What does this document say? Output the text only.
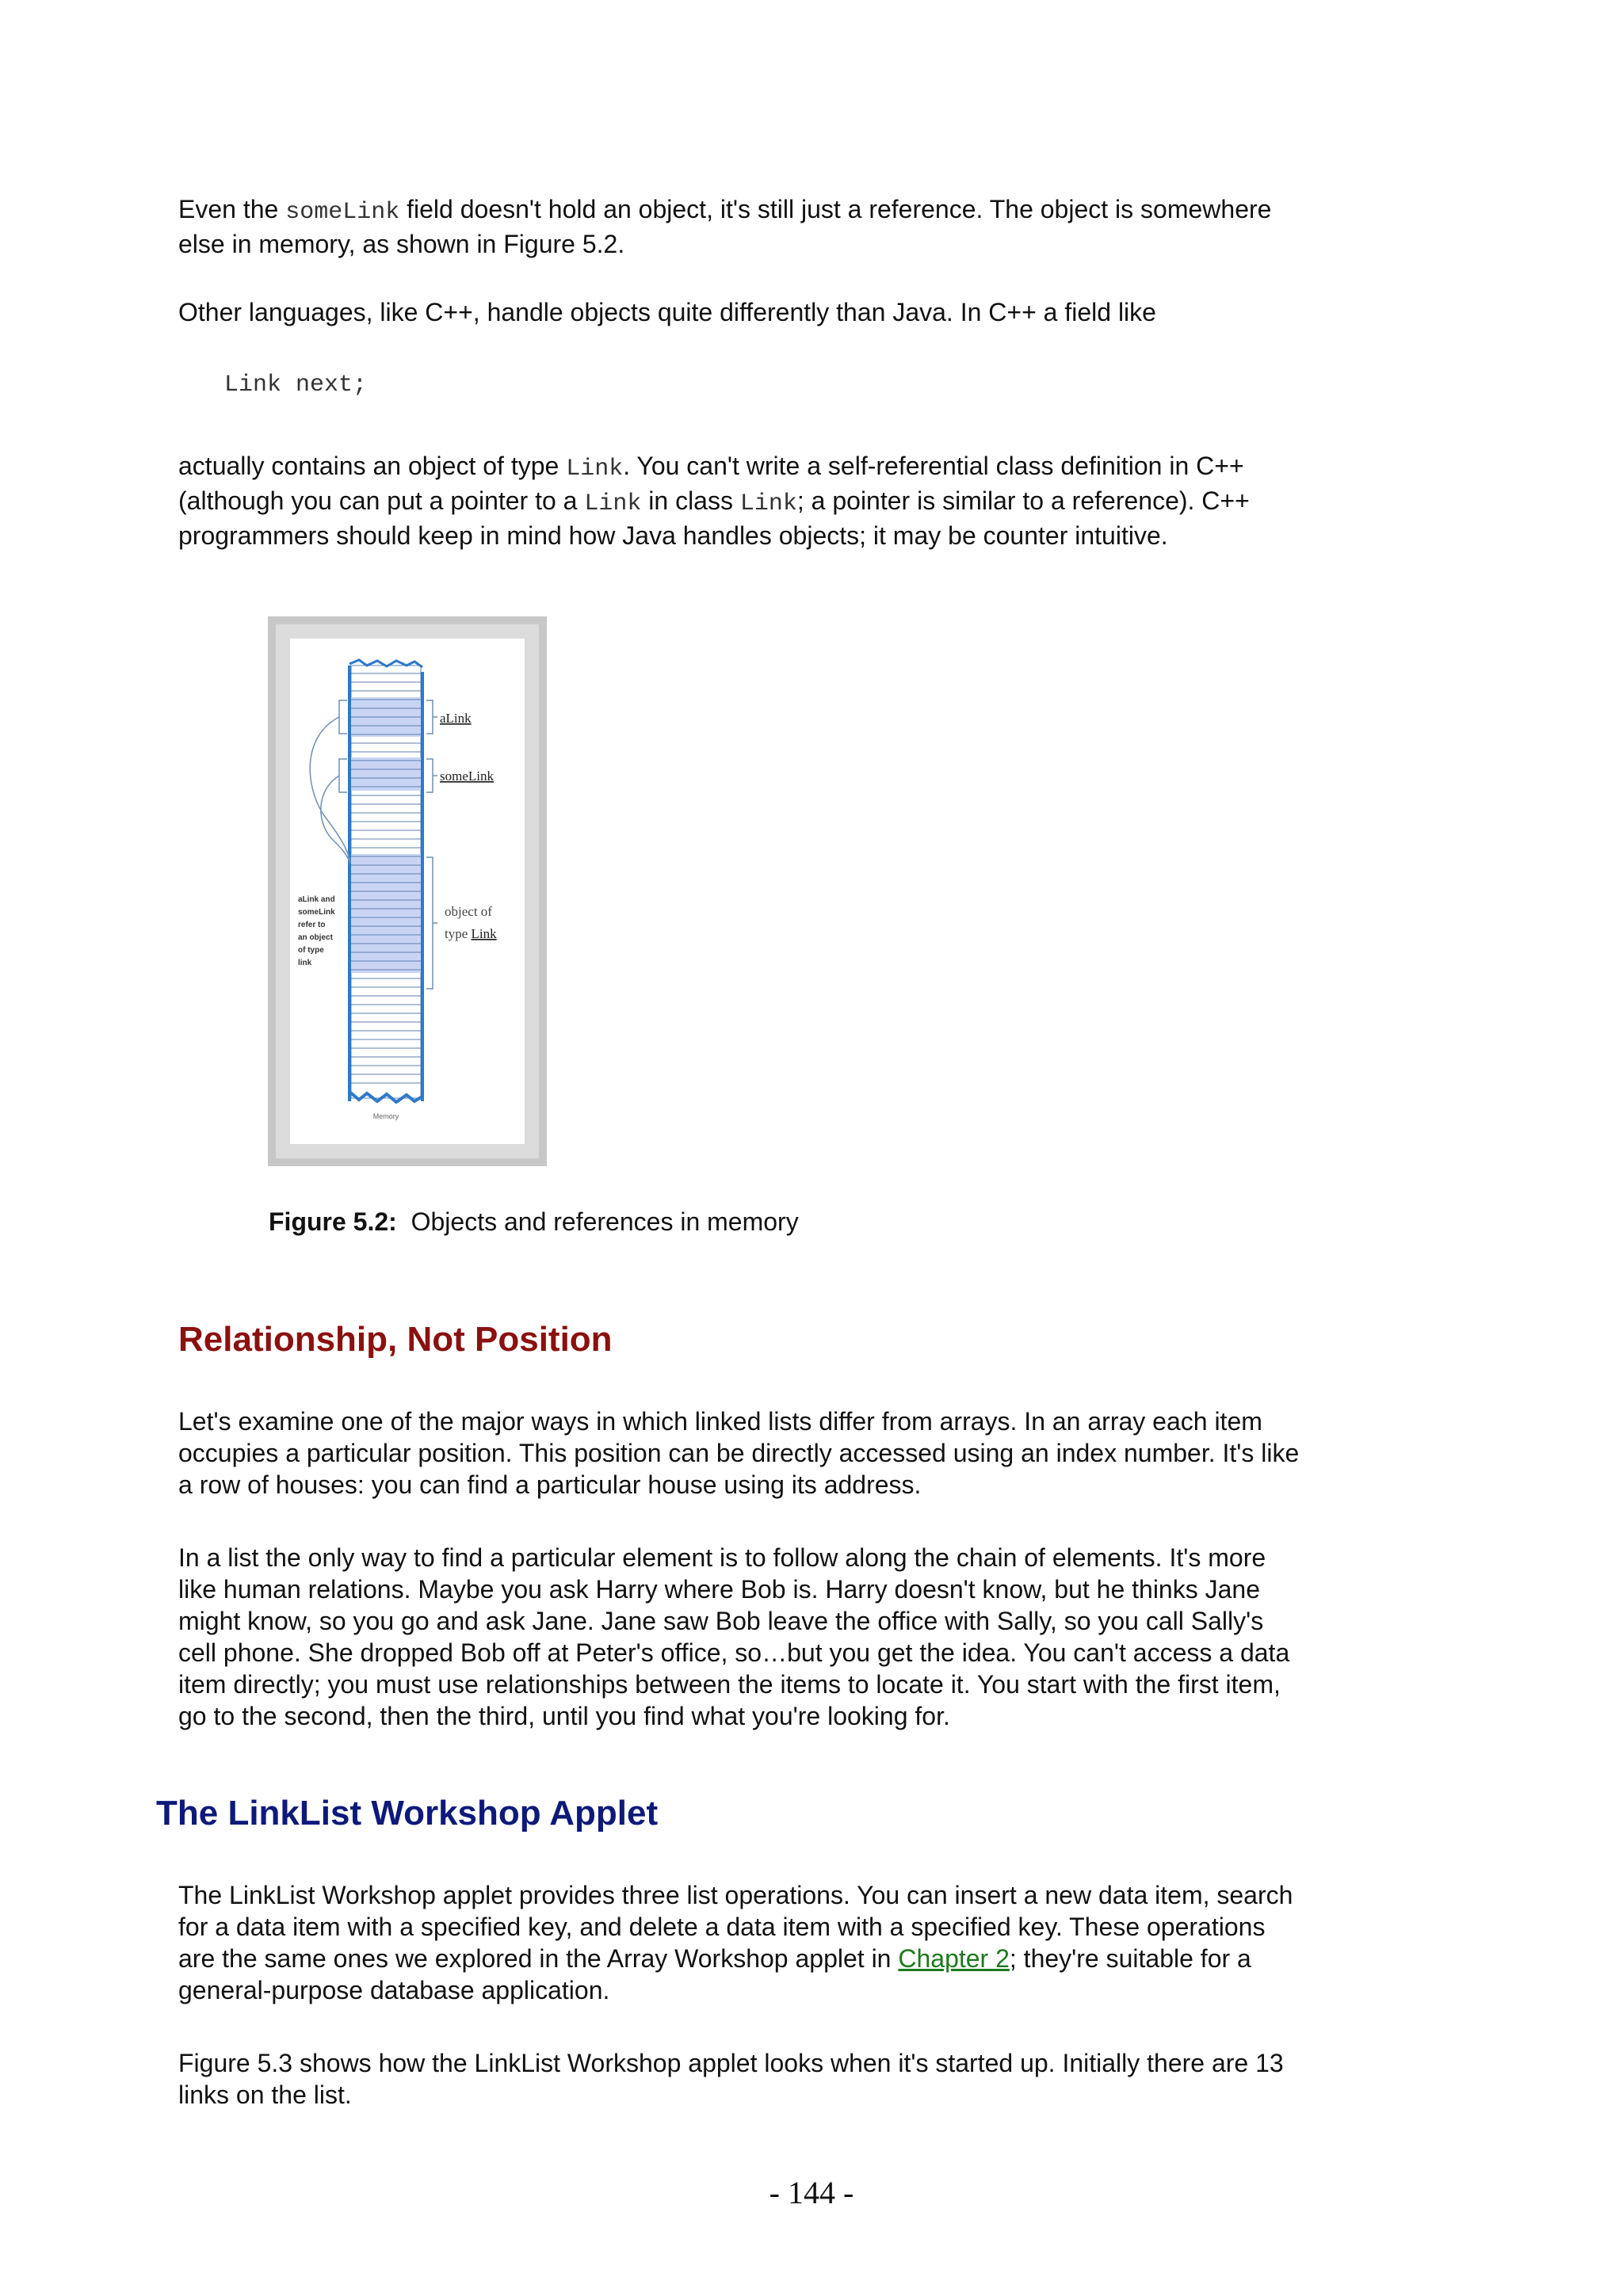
Even the someLink field doesn't hold an object, it's still just a reference. The object is somewhere else in memory, as shown in Figure 5.2.

Other languages, like C++, handle objects quite differently than Java. In C++ a field like

Link next;

actually contains an object of type Link. You can't write a self-referential class definition in C++ (although you can put a pointer to a Link in class Link; a pointer is similar to a reference). C++ programmers should keep in mind how Java handles objects; it may be counter intuitive.

aLink
someLink
object of
type Link
aLink and
someLink
refer to
an object
of type
link
Memory

Figure 5.2: Objects and references in memory

Relationship, Not Position

Let's examine one of the major ways in which linked lists differ from arrays. In an array each item occupies a particular position. This position can be directly accessed using an index number. It's like a row of houses: you can find a particular house using its address.

In a list the only way to find a particular element is to follow along the chain of elements. It's more like human relations. Maybe you ask Harry where Bob is. Harry doesn't know, but he thinks Jane might know, so you go and ask Jane. Jane saw Bob leave the office with Sally, so you call Sally's cell phone. She dropped Bob off at Peter's office, so…but you get the idea. You can't access a data item directly; you must use relationships between the items to locate it. You start with the first item, go to the second, then the third, until you find what you're looking for.

The LinkList Workshop Applet

The LinkList Workshop applet provides three list operations. You can insert a new data item, search for a data item with a specified key, and delete a data item with a specified key. These operations are the same ones we explored in the Array Workshop applet in Chapter 2; they're suitable for a general-purpose database application.

Figure 5.3 shows how the LinkList Workshop applet looks when it's started up. Initially there are 13 links on the list.

- 144 -
